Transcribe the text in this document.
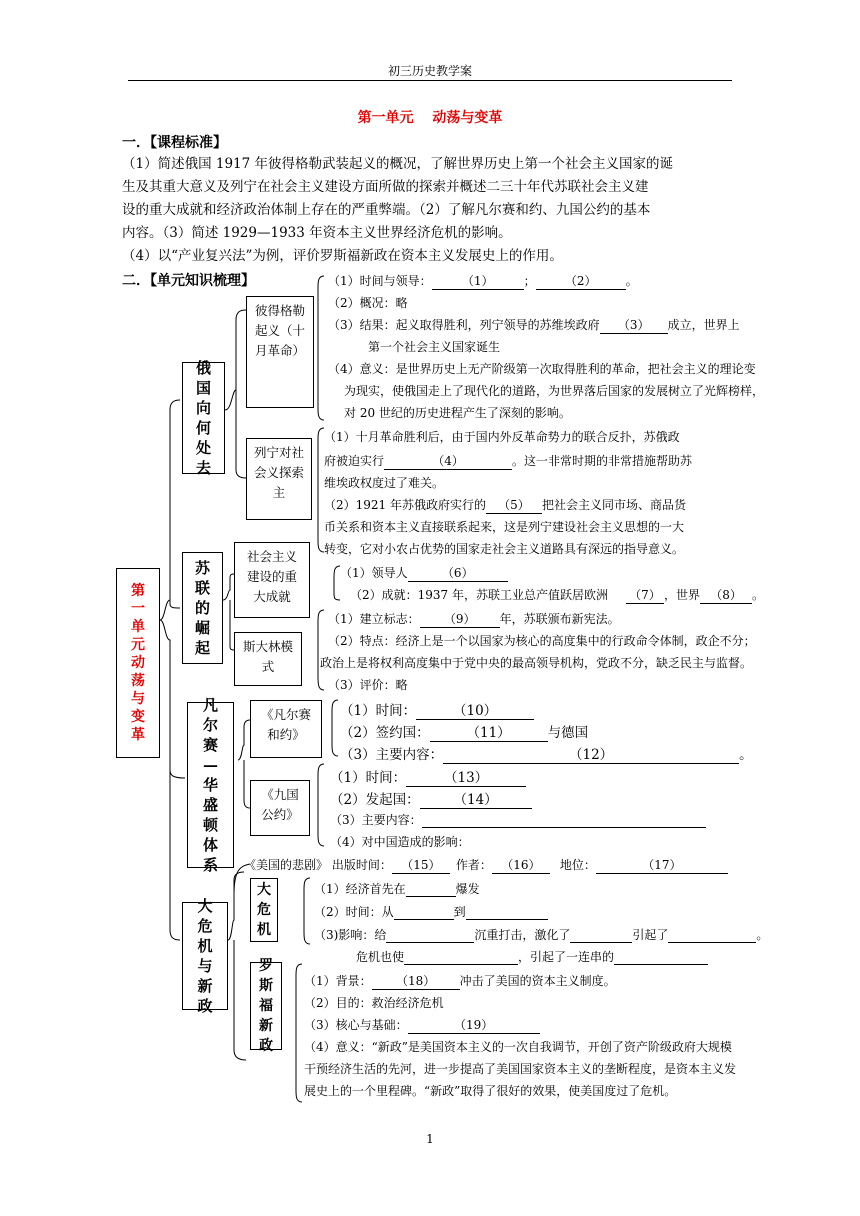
初三历史教学案
第一单元　 动荡与变革
一．【课程标准】
（1）简述俄国 1917 年彼得格勒武装起义的概况，了解世界历史上第一个社会主义国家的诞
生及其重大意义及列宁在社会主义建设方面所做的探索并概述二三十年代苏联社会主义建
设的重大成就和经济政治体制上存在的严重弊端。（2）了解凡尔赛和约、九国公约的基本
内容。（3）简述 1929—1933 年资本主义世界经济危机的影响。
（4）以“产业复兴法”为例，评价罗斯福新政在资本主义发展史上的作用。
二．【单元知识梳理】
第一单元　动荡与变革
俄国向何处去
苏联的崛起
凡尔赛—华盛顿体系
大危机与新政
彼得格勒起义（十月革命）
列宁对社会义探索主
社会主义建设的重大成就
斯大林模式
《凡尔赛和约》
《九国公约》
大危机
罗斯福新政
（1）时间与领导：	（1）	； （2） 。
（2）概况：略
（3）结果：起义取得胜利，列宁领导的苏维埃政府 （3） 成立，世界上
第一个社会主义国家诞生
（4）意义：是世界历史上无产阶级第一次取得胜利的革命，把社会主义的理论变
为现实，使俄国走上了现代化的道路，为世界落后国家的发展树立了光辉榜样，
对 20 世纪的历史进程产生了深刻的影响。
（1）十月革命胜利后，由于国内外反革命势力的联合反扑，苏俄政
府被迫实行	（4）	。这一非常时期的非常措施帮助苏
维埃政权度过了难关。
（2）1921 年苏俄政府实行的 （5） 把社会主义同市场、商品货
币关系和资本主义直接联系起来，这是列宁建设社会主义思想的一大
转变，它对小农占优势的国家走社会主义道路具有深远的指导意义。
（1）领导人	（6）
（2）成就：1937 年，苏联工业总产值跃居欧洲 （7） ，世界 （8） 。
（1）建立标志： （9） 年，苏联颁布新宪法。
（2）特点：经济上是一个以国家为核心的高度集中的行政命令体制，政企不分；
政治上是将权利高度集中于党中央的最高领导机构，党政不分，缺乏民主与监督。
（3）评价：略
（1）时间：	（10）
（2）签约国：	（11）	与德国
（3）主要内容：	（12）	。
（1）时间：	（13）
（2）发起国：	（14）
（3）主要内容：
（4）对中国造成的影响：
《美国的悲剧》 出版时间： （15） 作者： （16） 地位：	（17）
（1）经济首先在	爆发
（2）时间：从	到
（3)影响：给	沉重打击，激化了	引起了	。
危机也使	，引起了一连串的
（1）背景： （18） 冲击了美国的资本主义制度。
（2）目的：救治经济危机
（3）核心与基础：	（19）
（4）意义：“新政”是美国资本主义的一次自我调节，开创了资产阶级政府大规模
干预经济生活的先河，进一步提高了美国国家资本主义的垄断程度，是资本主义发
展史上的一个里程碑。“新政”取得了很好的效果，使美国度过了危机。
1
